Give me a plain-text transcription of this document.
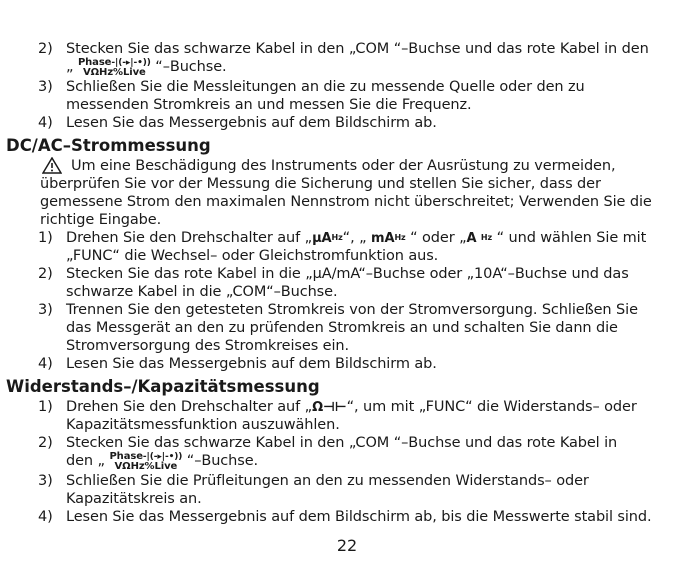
2) Stecken Sie das schwarze Kabel in den „COM “–Buchse und das rote Kabel in den
„ Phase-|(-▸|-•))
VΩHz%Live “–Buchse.
3) Schließen Sie die Messleitungen an die zu messende Quelle oder den zu
messenden Stromkreis an und messen Sie die Frequenz.
4) Lesen Sie das Messergebnis auf dem Bildschirm ab.
DC/AC–Strommessung
Um eine Beschädigung des Instruments oder der Ausrüstung zu vermeiden,
überprüfen Sie vor der Messung die Sicherung und stellen Sie sicher, dass der
gemessene Strom den maximalen Nennstrom nicht überschreitet; Verwenden Sie die
richtige Eingabe.
1) Drehen Sie den Drehschalter auf $„\mu A^{Hz}“$, „ $mA^{Hz}$ “ oder „A $^{Hz}$ “ und wählen Sie mit
„FUNC“ die Wechsel– oder Gleichstromfunktion aus.
2) Stecken Sie das rote Kabel in die „μA/mA“–Buchse oder „10A“–Buchse und das
schwarze Kabel in die „COM“–Buchse.
3) Trennen Sie den getesteten Stromkreis von der Stromversorgung. Schließen Sie
das Messgerät an den zu prüfenden Stromkreis an und schalten Sie dann die
Stromversorgung des Stromkreises ein.
4) Lesen Sie das Messergebnis auf dem Bildschirm ab.
Widerstands–/Kapazitätsmessung
1) Drehen Sie den Drehschalter auf „Ω⊣⊢“, um mit „FUNC“ die Widerstands– oder
Kapazitätsmessfunktion auszuwählen.
2) Stecken Sie das schwarze Kabel in den „COM “–Buchse und das rote Kabel in
den „ Phase-|(-▸|-•))
VΩHz%Live “–Buchse.
3) Schließen Sie die Prüfleitungen an den zu messenden Widerstands– oder
Kapazitätskreis an.
4) Lesen Sie das Messergebnis auf dem Bildschirm ab, bis die Messwerte stabil sind.
22
